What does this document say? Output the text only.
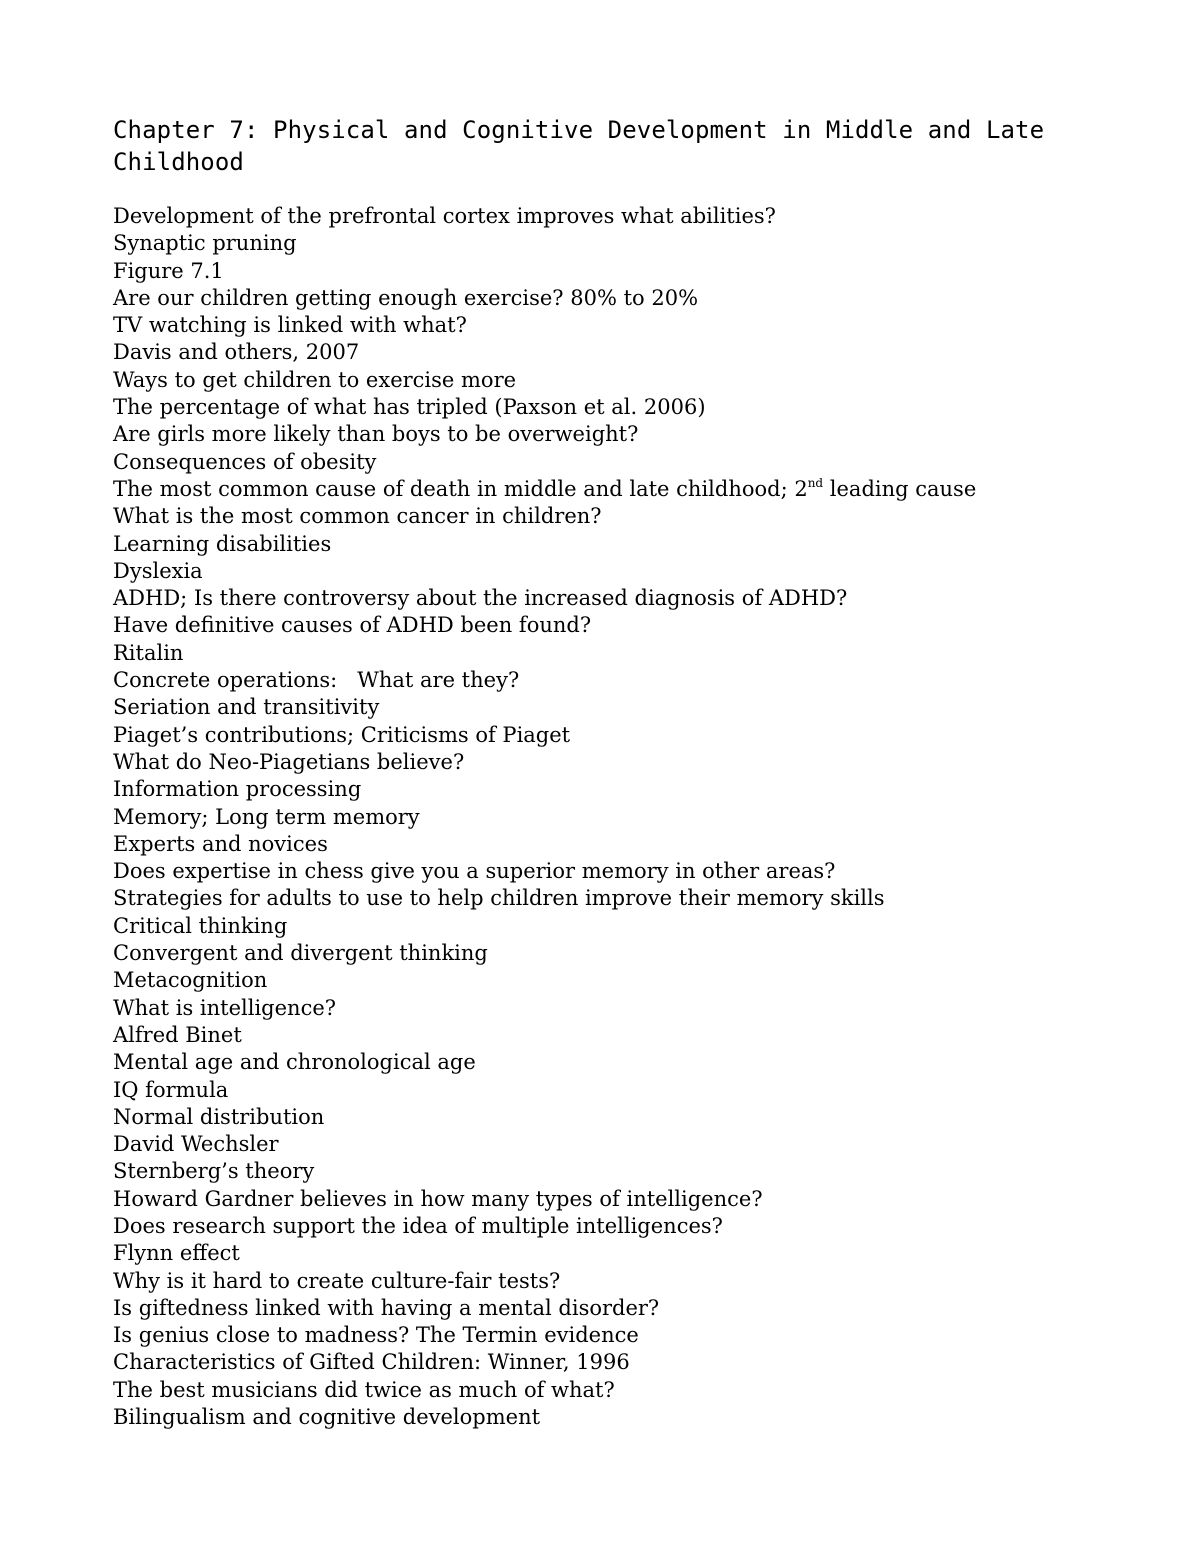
Chapter 7: Physical and Cognitive Development in Middle and Late Childhood
Development of the prefrontal cortex improves what abilities?
Synaptic pruning
Figure 7.1
Are our children getting enough exercise? 80% to 20%
TV watching is linked with what?
Davis and others, 2007
Ways to get children to exercise more
The percentage of what has tripled (Paxson et al. 2006)
Are girls more likely than boys to be overweight?
Consequences of obesity
The most common cause of death in middle and late childhood; 2nd leading cause
What is the most common cancer in children?
Learning disabilities
Dyslexia
ADHD; Is there controversy about the increased diagnosis of ADHD?
Have definitive causes of ADHD been found?
Ritalin
Concrete operations:   What are they?
Seriation and transitivity
Piaget’s contributions; Criticisms of Piaget
What do Neo-Piagetians believe?
Information processing
Memory; Long term memory
Experts and novices
Does expertise in chess give you a superior memory in other areas?
Strategies for adults to use to help children improve their memory skills
Critical thinking
Convergent and divergent thinking
Metacognition
What is intelligence?
Alfred Binet
Mental age and chronological age
IQ formula
Normal distribution
David Wechsler
Sternberg’s theory
Howard Gardner believes in how many types of intelligence?
Does research support the idea of multiple intelligences?
Flynn effect
Why is it hard to create culture-fair tests?
Is giftedness linked with having a mental disorder?
Is genius close to madness? The Termin evidence
Characteristics of Gifted Children: Winner, 1996
The best musicians did twice as much of what?
Bilingualism and cognitive development
